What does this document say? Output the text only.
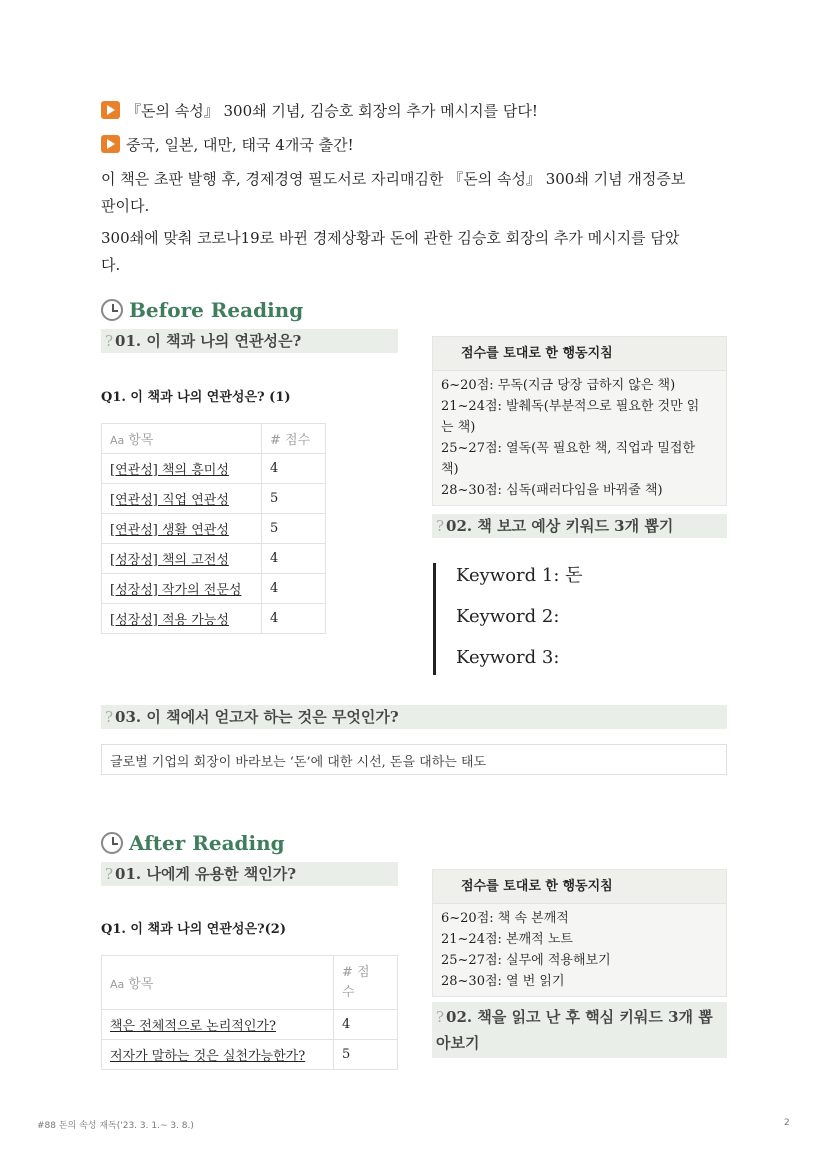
『돈의 속성』 300쇄 기념, 김승호 회장의 추가 메시지를 담다!
중국, 일본, 대만, 태국 4개국 출간!
이 책은 초판 발행 후, 경제경영 필도서로 자리매김한 『돈의 속성』 300쇄 기념 개정증보
판이다.
300쇄에 맞춰 코로나19로 바뀐 경제상황과 돈에 관한 김승호 회장의 추가 메시지를 담았
다.
Before Reading
? 01. 이 책과 나의 연관성은?
Q1. 이 책과 나의 연관성은? (1)
Aa 항목	# 점수
[연관성] 책의 흥미성	4
[연관성] 직업 연관성	5
[연관성] 생활 연관성	5
[성장성] 책의 고전성	4
[성장성] 작가의 전문성	4
[성장성] 적용 가능성	4
점수를 토대로 한 행동지침
6~20점: 무독(지금 당장 급하지 않은 책)
21~24점: 발췌독(부분적으로 필요한 것만 읽
는 책)
25~27점: 열독(꼭 필요한 책, 직업과 밀접한
책)
28~30점: 심독(패러다임을 바꿔줄 책)
? 02. 책 보고 예상 키워드 3개 뽑기
Keyword 1: 돈
Keyword 2:
Keyword 3:
? 03. 이 책에서 얻고자 하는 것은 무엇인가?
글로벌 기업의 회장이 바라보는 ‘돈’에 대한 시선, 돈을 대하는 태도
After Reading
? 01. 나에게 유용한 책인가?
Q1. 이 책과 나의 연관성은?(2)
Aa 항목	# 점
수

책은 전체적으로 논리적인가?	4
저자가 말하는 것은 실천가능한가?	5
점수를 토대로 한 행동지침
6~20점: 책 속 본깨적
21~24점: 본깨적 노트
25~27점: 실무에 적용해보기
28~30점: 열 번 읽기
? 02. 책을 읽고 난 후 핵심 키워드 3개 뽑
아보기
#88 돈의 속성 재독('23. 3. 1.~ 3. 8.)	2
